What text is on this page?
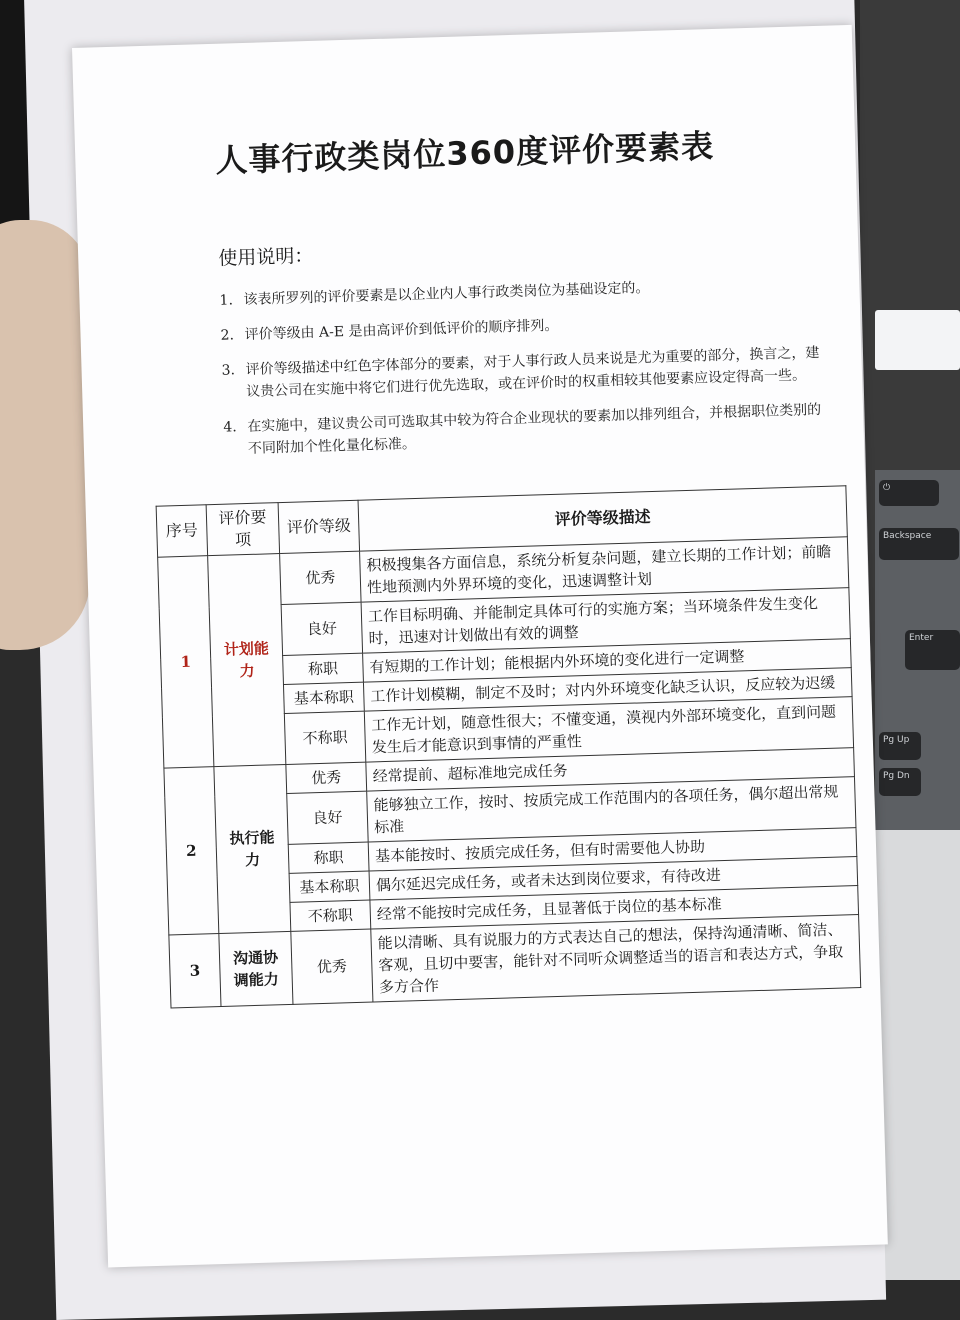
⏻
Backspace
Enter
Pg Up
Pg Dn
人事行政类岗位360度评价要素表
使用说明：
1. 该表所罗列的评价要素是以企业内人事行政类岗位为基础设定的。
2. 评价等级由 A-E 是由高评价到低评价的顺序排列。
3. 评价等级描述中红色字体部分的要素，对于人事行政人员来说是尤为重要的部分，换言之，建议贵公司在实施中将它们进行优先选取，或在评价时的权重相较其他要素应设定得高一些。
4. 在实施中，建议贵公司可选取其中较为符合企业现状的要素加以排列组合，并根据职位类别的不同附加个性化量化标准。
序号	评价要项	评价等级	评价等级描述
1	计划能力	优秀	积极搜集各方面信息，系统分析复杂问题，建立长期的工作计划；前瞻性地预测内外界环境的变化，迅速调整计划
		良好	工作目标明确、并能制定具体可行的实施方案；当环境条件发生变化时，迅速对计划做出有效的调整
		称职	有短期的工作计划；能根据内外环境的变化进行一定调整
		基本称职	工作计划模糊，制定不及时；对内外环境变化缺乏认识，反应较为迟缓
		不称职	工作无计划，随意性很大；不懂变通，漠视内外部环境变化，直到问题发生后才能意识到事情的严重性
2	执行能力	优秀	经常提前、超标准地完成任务
		良好	能够独立工作，按时、按质完成工作范围内的各项任务，偶尔超出常规标准
		称职	基本能按时、按质完成任务，但有时需要他人协助
		基本称职	偶尔延迟完成任务，或者未达到岗位要求，有待改进
		不称职	经常不能按时完成任务，且显著低于岗位的基本标准
3	沟通协调能力	优秀	能以清晰、具有说服力的方式表达自己的想法，保持沟通清晰、简洁、客观，且切中要害，能针对不同听众调整适当的语言和表达方式，争取多方合作
